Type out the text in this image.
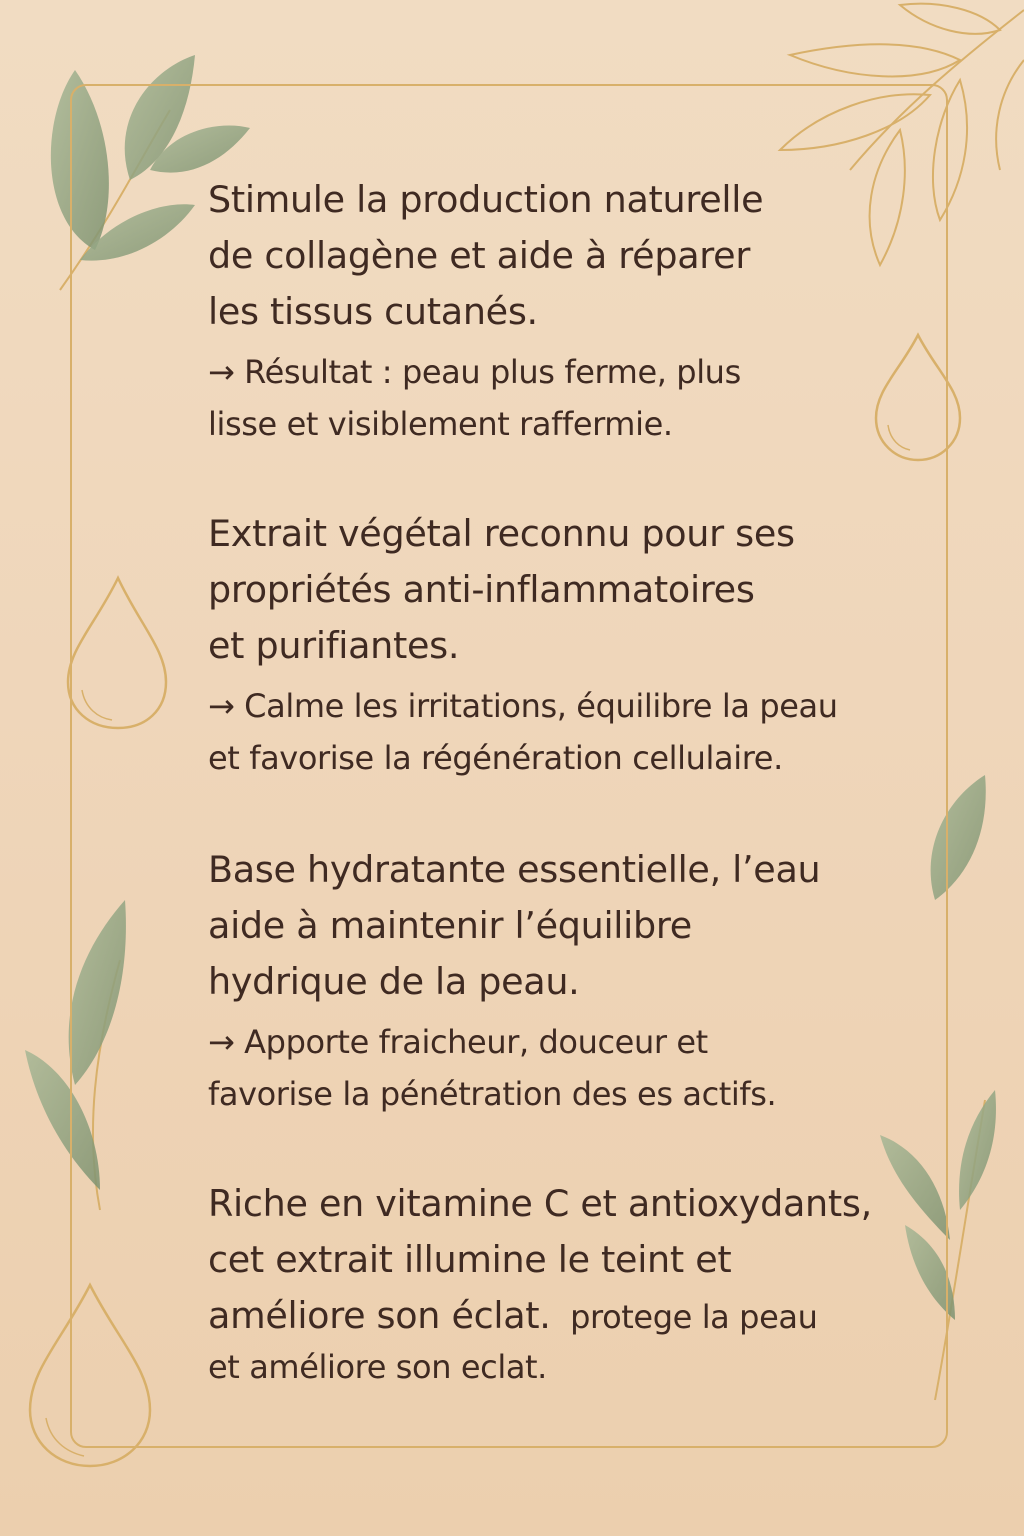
Stimule la production naturelle
de collagène et aide à réparer
les tissus cutanés.

→ Résultat : peau plus ferme, plus
lisse et visiblement raffermie.

Extrait végétal reconnu pour ses
propriétés anti-inflammatoires
et purifiantes.

→ Calme les irritations, équilibre la peau
et favorise la régénération cellulaire.

Base hydratante essentielle, l’eau
aide à maintenir l’équilibre
hydrique de la peau.

→ Apporte fraicheur, douceur et
favorise la pénétration des es actifs.

Riche en vitamine C et antioxydants,
cet extrait illumine le teint et
améliore son éclat. protege la peau

et améliore son eclat.
